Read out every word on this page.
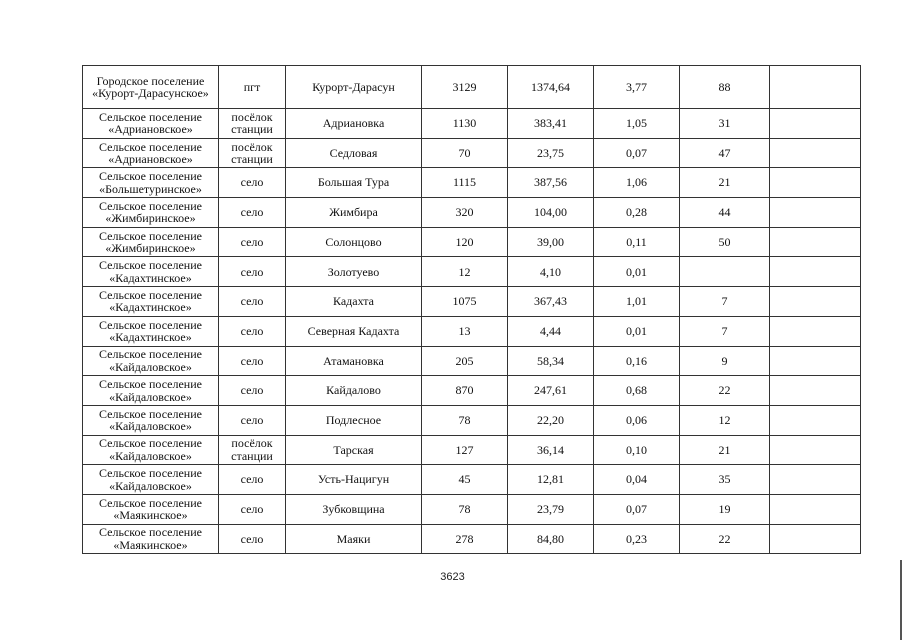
Городское поселение «Курорт-Дарасунское»	пгт	Курорт-Дарасун	3129	1374,64	3,77	88	
Сельское поселение «Адриановское»	посёлок станции	Адриановка	1130	383,41	1,05	31	
Сельское поселение «Адриановское»	посёлок станции	Седловая	70	23,75	0,07	47	
Сельское поселение «Большетуринское»	село	Большая Тура	1115	387,56	1,06	21	
Сельское поселение «Жимбиринское»	село	Жимбира	320	104,00	0,28	44	
Сельское поселение «Жимбиринское»	село	Солонцово	120	39,00	0,11	50	
Сельское поселение «Кадахтинское»	село	Золотуево	12	4,10	0,01		
Сельское поселение «Кадахтинское»	село	Кадахта	1075	367,43	1,01	7	
Сельское поселение «Кадахтинское»	село	Северная Кадахта	13	4,44	0,01	7	
Сельское поселение «Кайдаловское»	село	Атамановка	205	58,34	0,16	9	
Сельское поселение «Кайдаловское»	село	Кайдалово	870	247,61	0,68	22	
Сельское поселение «Кайдаловское»	село	Подлесное	78	22,20	0,06	12	
Сельское поселение «Кайдаловское»	посёлок станции	Тарская	127	36,14	0,10	21	
Сельское поселение «Кайдаловское»	село	Усть-Нацигун	45	12,81	0,04	35	
Сельское поселение «Маякинское»	село	Зубковщина	78	23,79	0,07	19	
Сельское поселение «Маякинское»	село	Маяки	278	84,80	0,23	22	
3623
